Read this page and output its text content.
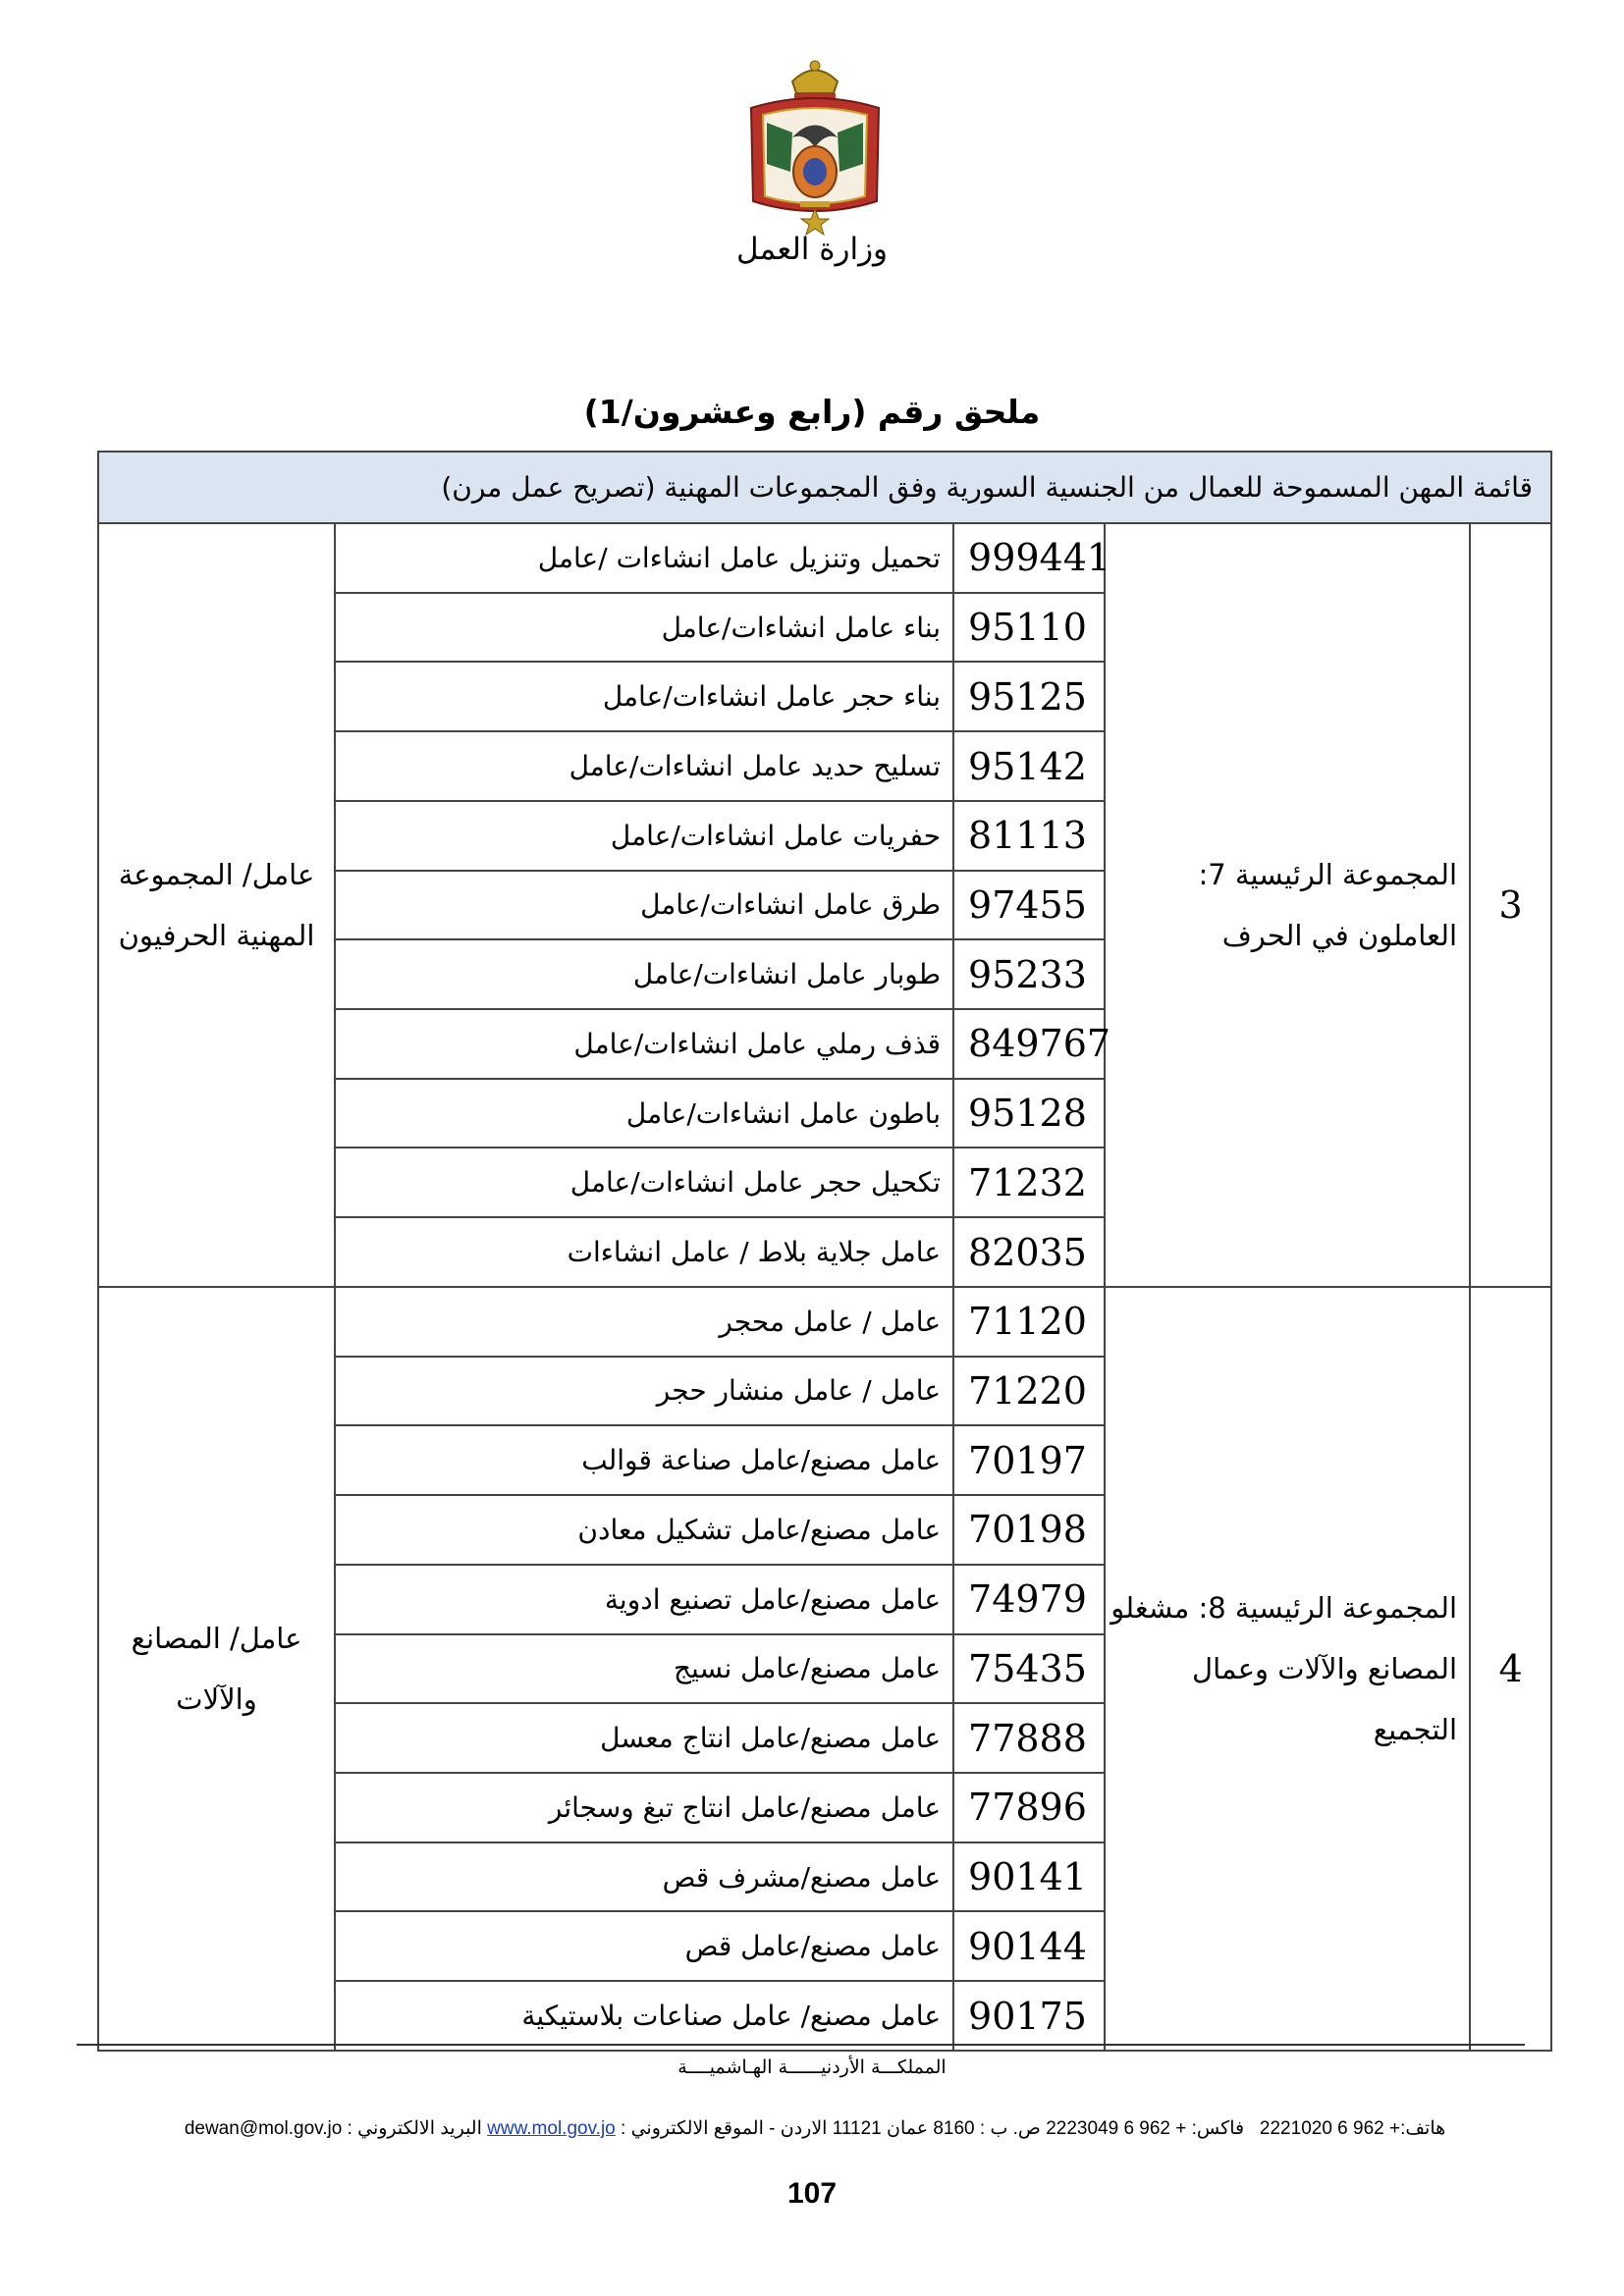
وزارة العمل
ملحق رقم (رابع وعشرون/1)
قائمة المهن المسموحة للعمال من الجنسية السورية وفق المجموعات المهنية (تصريح عمل مرن)				
3	المجموعة الرئيسية 7: العاملون في الحرف	999441	تحميل وتنزيل عامل انشاءات /عامل	عامل/ المجموعة المهنية الحرفيون
		95110	بناء عامل انشاءات/عامل	
		95125	بناء حجر عامل انشاءات/عامل	
		95142	تسليح حديد عامل انشاءات/عامل	
		81113	حفريات عامل انشاءات/عامل	
		97455	طرق عامل انشاءات/عامل	
		95233	طوبار عامل انشاءات/عامل	
		849767	قذف رملي عامل انشاءات/عامل	
		95128	باطون عامل انشاءات/عامل	
		71232	تكحيل حجر عامل انشاءات/عامل	
		82035	عامل جلاية بلاط / عامل انشاءات	
4	المجموعة الرئيسية 8: مشغلو المصانع والآلات وعمال التجميع	71120	عامل / عامل محجر	عامل/ المصانع والآلات
		71220	عامل / عامل منشار حجر	
		70197	عامل مصنع/عامل صناعة قوالب	
		70198	عامل مصنع/عامل تشكيل معادن	
		74979	عامل مصنع/عامل تصنيع ادوية	
		75435	عامل مصنع/عامل نسيج	
		77888	عامل مصنع/عامل انتاج معسل	
		77896	عامل مصنع/عامل انتاج تبغ وسجائر	
		90141	عامل مصنع/مشرف قص	
		90144	عامل مصنع/عامل قص	
		90175	عامل مصنع/ عامل صناعات بلاستيكية	
المملكـــة الأردنيــــــة الهـاشميــــة
هاتف:+ 962 6 2221020   فاكس: + 962 6 2223049 ص. ب : 8160 عمان 11121 الاردن - الموقع الالكتروني : www.mol.gov.jo البريد الالكتروني : dewan@mol.gov.jo
107
